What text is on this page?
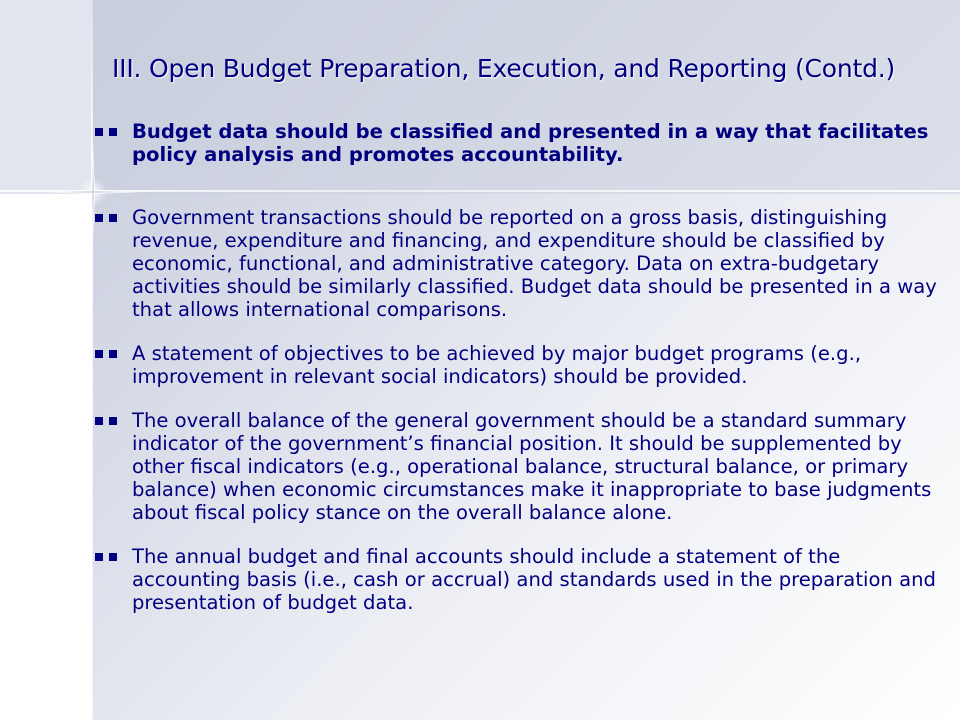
III. Open Budget Preparation, Execution, and Reporting (Contd.)
Budget data should be classified and presented in a way that facilitates policy analysis and promotes accountability.
Government transactions should be reported on a gross basis, distinguishing revenue, expenditure and financing, and expenditure should be classified by economic, functional, and administrative category. Data on extra-budgetary activities should be similarly classified. Budget data should be presented in a way that allows international comparisons.
A statement of objectives to be achieved by major budget programs (e.g., improvement in relevant social indicators) should be provided.
The overall balance of the general government should be a standard summary indicator of the government’s financial position. It should be supplemented by other fiscal indicators (e.g., operational balance, structural balance, or primary balance) when economic circumstances make it inappropriate to base judgments about fiscal policy stance on the overall balance alone.
The annual budget and final accounts should include a statement of the accounting basis (i.e., cash or accrual) and standards used in the preparation and presentation of budget data.
